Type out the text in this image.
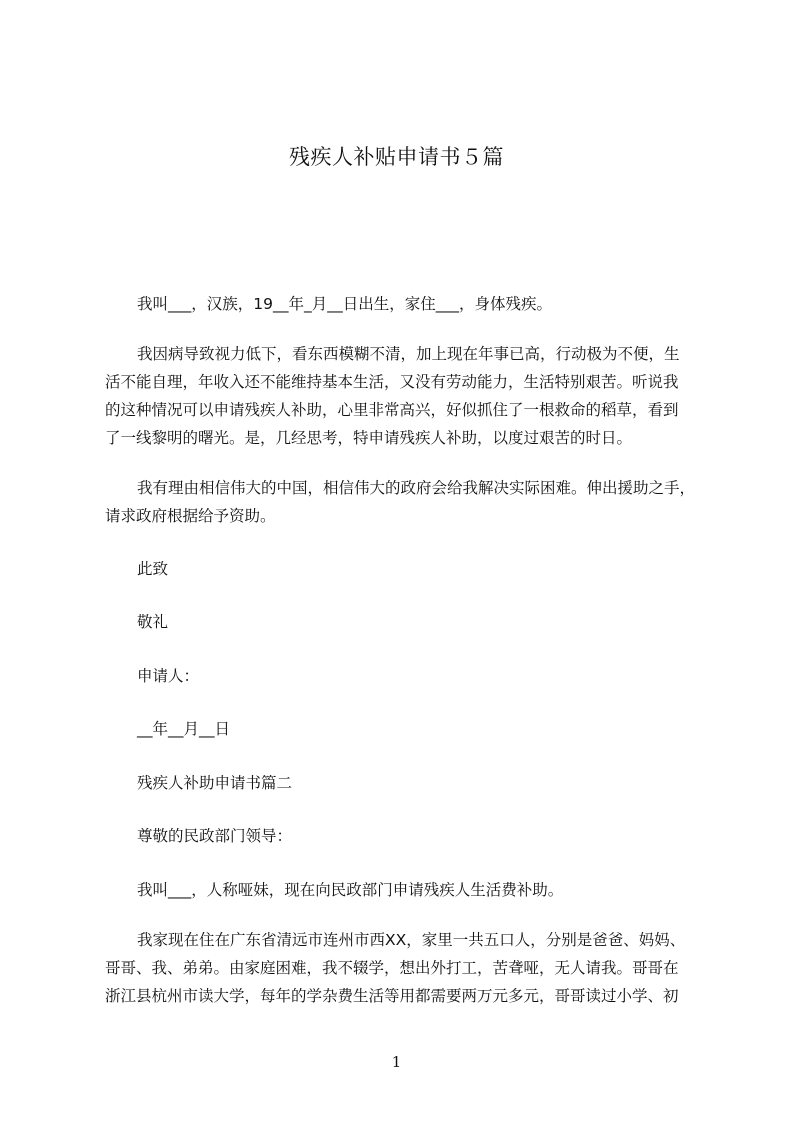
残疾人补贴申请书５篇
我叫___，汉族，19__年_月__日出生，家住___，身体残疾。
我因病导致视力低下，看东西模糊不清，加上现在年事已高，行动极为不便，生
活不能自理，年收入还不能维持基本生活，又没有劳动能力，生活特别艰苦。听说我
的这种情况可以申请残疾人补助，心里非常高兴，好似抓住了一根救命的稻草，看到
了一线黎明的曙光。是，几经思考，特申请残疾人补助，以度过艰苦的时日。
我有理由相信伟大的中国，相信伟大的政府会给我解决实际困难。伸出援助之手，
请求政府根据给予资助。
此致
敬礼
申请人：
__年__月__日
残疾人补助申请书篇二
尊敬的民政部门领导：
我叫___，人称哑妹，现在向民政部门申请残疾人生活费补助。
我家现在住在广东省清远市连州市西XX，家里一共五口人，分别是爸爸、妈妈、
哥哥、我、弟弟。由家庭困难，我不辍学，想出外打工，苦聋哑，无人请我。哥哥在
浙江县杭州市读大学，每年的学杂费生活等用都需要两万元多元，哥哥读过小学、初
1
